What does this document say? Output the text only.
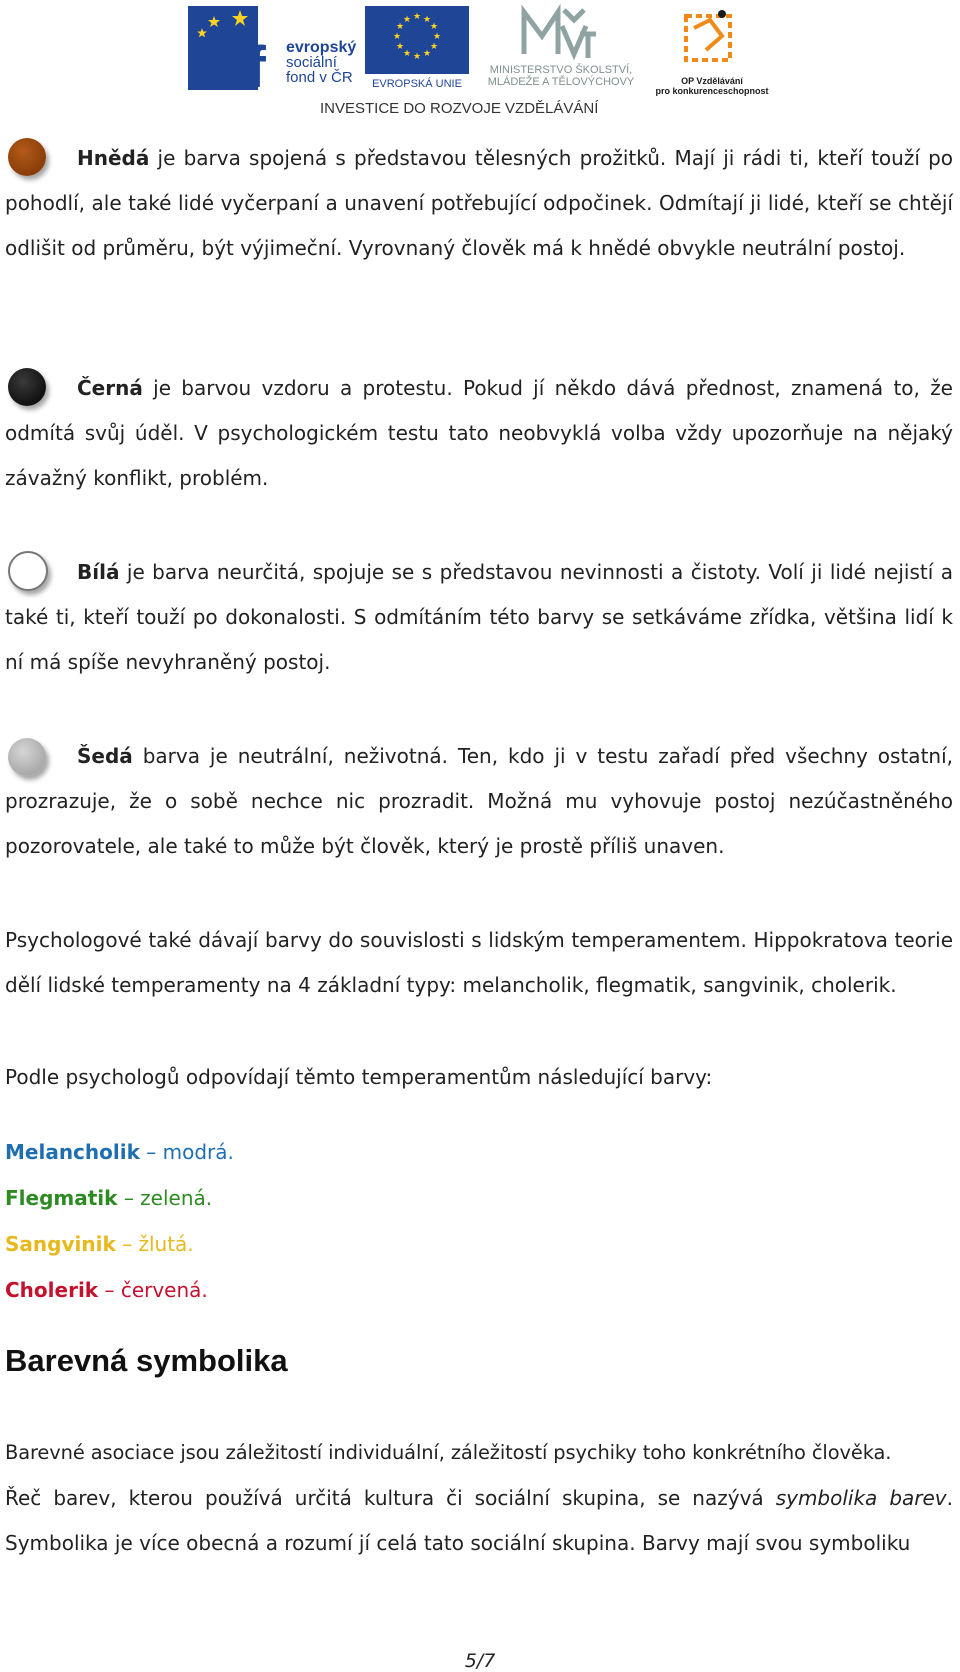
esf evropský
sociální
fond v ČR
★ ★
★
★
★
★
★
★
★
★
★
★
EVROPSKÁ UNIE
MINISTERSTVO ŠKOLSTVÍ,
MLÁDEŽE A TĚLOVÝCHOVY	OP Vzdělávání
pro konkurenceschopnost
INVESTICE DO ROZVOJE VZDĚLÁVÁNÍ

Hnědá je barva spojená s představou tělesných prožitků. Mají ji rádi ti, kteří touží po pohodlí, ale také lidé vyčerpaní a unavení potřebující odpočinek. Odmítají ji lidé, kteří se chtějí odlišit od průměru, být výjimeční. Vyrovnaný člověk má k hnědé obvykle neutrální postoj.

Černá je barvou vzdoru a protestu. Pokud jí někdo dává přednost, znamená to, že odmítá svůj úděl. V psychologickém testu tato neobvyklá volba vždy upozorňuje na nějaký závažný konflikt, problém.

Bílá je barva neurčitá, spojuje se s představou nevinnosti a čistoty. Volí ji lidé nejistí a také ti, kteří touží po dokonalosti. S odmítáním této barvy se setkáváme zřídka, většina lidí k ní má spíše nevyhraněný postoj.

Šedá barva je neutrální, neživotná. Ten, kdo ji v testu zařadí před všechny ostatní, prozrazuje, že o sobě nechce nic prozradit. Možná mu vyhovuje postoj nezúčastněného pozorovatele, ale také to může být člověk, který je prostě příliš unaven.

Psychologové také dávají barvy do souvislosti s lidským temperamentem. Hippokratova teorie dělí lidské temperamenty na 4 základní typy: melancholik, flegmatik, sangvinik, cholerik.

Podle psychologů odpovídají těmto temperamentům následující barvy:

Melancholik – modrá.

Flegmatik – zelená.

Sangvinik – žlutá.

Cholerik – červená.

Barevná symbolika

Barevné asociace jsou záležitostí individuální, záležitostí psychiky toho konkrétního člověka.

Řeč barev, kterou používá určitá kultura či sociální skupina, se nazývá symbolika barev. Symbolika je více obecná a rozumí jí celá tato sociální skupina. Barvy mají svou symboliku

5/7
